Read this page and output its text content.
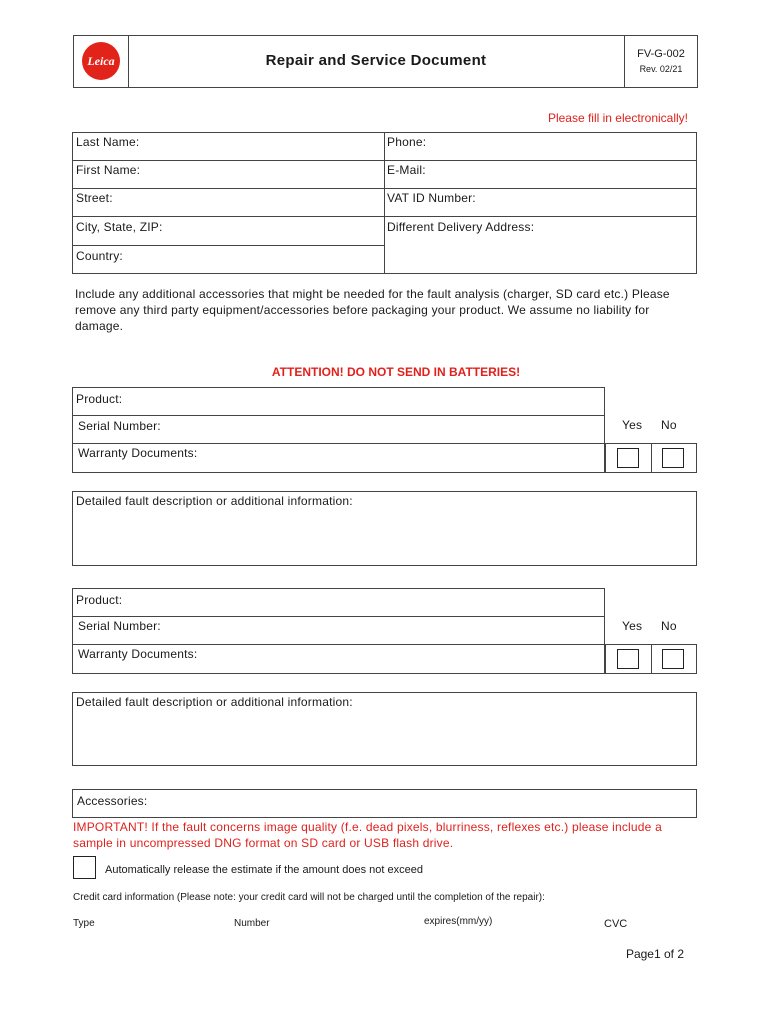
Leica	Repair and Service Document	FV-G-002
Rev. 02/21
Please fill in electronically!
Last Name:	Phone:
First Name:	E-Mail:
Street:	VAT ID Number:
City, State, ZIP:	Different Delivery Address:
Country:
Include any additional accessories that might be needed for the fault analysis (charger, SD card etc.) Please remove any third party equipment/accessories before packaging your product. We assume no liability for damage.
ATTENTION! DO NOT SEND IN BATTERIES!
Product:
Serial Number:
Warranty Documents:
Yes No
Detailed fault description or additional information:
Product:
Serial Number:
Warranty Documents:
Yes No
Detailed fault description or additional information:
Accessories:
IMPORTANT! If the fault concerns image quality (f.e. dead pixels, blurriness, reflexes etc.) please include a sample in uncompressed DNG format on SD card or USB flash drive.
Automatically release the estimate if the amount does not exceed
Credit card information (Please note: your credit card will not be charged until the completion of the repair):
Type	Number	expires(mm/yy)	CVC
Page1 of 2
